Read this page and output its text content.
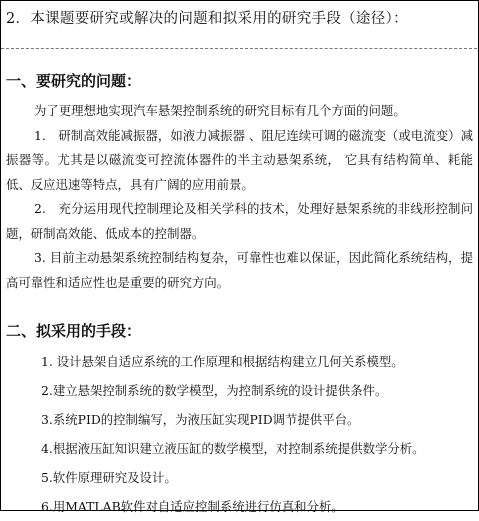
2．本课题要研究或解决的问题和拟采用的研究手段（途径）：
一、要研究的问题：

为了更理想地实现汽车悬架控制系统的研究目标有几个方面的问题。

1.　研制高效能减振器，如液力减振器 、阻尼连续可调的磁流变（或电流变）减振器等。尤其是以磁流变可控流体器件的半主动悬架系统， 它具有结构简单、耗能低、反应迅速等特点，具有广阔的应用前景。

2.　充分运用现代控制理论及相关学科的技术，处理好悬架系统的非线形控制问题，研制高效能、低成本的控制器。

3. 目前主动悬架系统控制结构复杂，可靠性也难以保证，因此简化系统结构，提高可靠性和适应性也是重要的研究方向。

二、拟采用的手段：
1. 设计悬架自适应系统的工作原理和根据结构建立几何关系模型。
2.建立悬架控制系统的数学模型，为控制系统的设计提供条件。
3.系统PID的控制编写，为液压缸实现PID调节提供平台。
4.根据液压缸知识建立液压缸的数学模型，对控制系统提供数学分析。
5.软件原理研究及设计。
6.用MATLAB软件对自适应控制系统进行仿真和分析。
